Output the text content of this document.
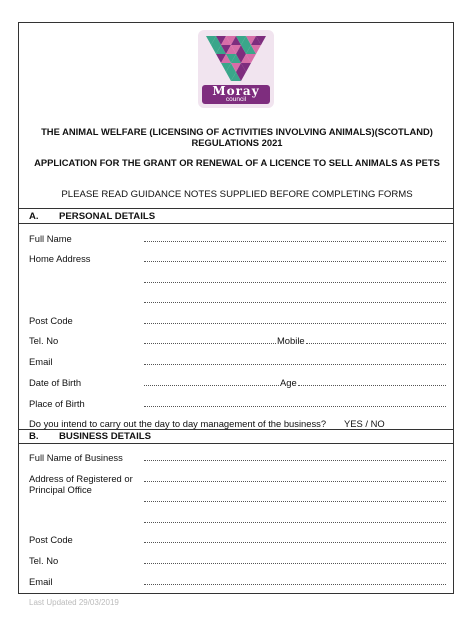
Moray
council
THE ANIMAL WELFARE (LICENSING OF ACTIVITIES INVOLVING ANIMALS)(SCOTLAND) REGULATIONS 2021
APPLICATION FOR THE GRANT OR RENEWAL OF A LICENCE TO SELL ANIMALS AS PETS
PLEASE READ GUIDANCE NOTES SUPPLIED BEFORE COMPLETING FORMS
A. PERSONAL DETAILS
Full Name
Home Address
Post Code
Tel. No	Mobile
Email
Date of Birth	Age
Place of Birth
Do you intend to carry out the day to day management of the business? YES / NO
B. BUSINESS DETAILS
Full Name of Business
Address of Registered or Principal Office
Post Code
Tel. No
Email
Last Updated 29/03/2019
